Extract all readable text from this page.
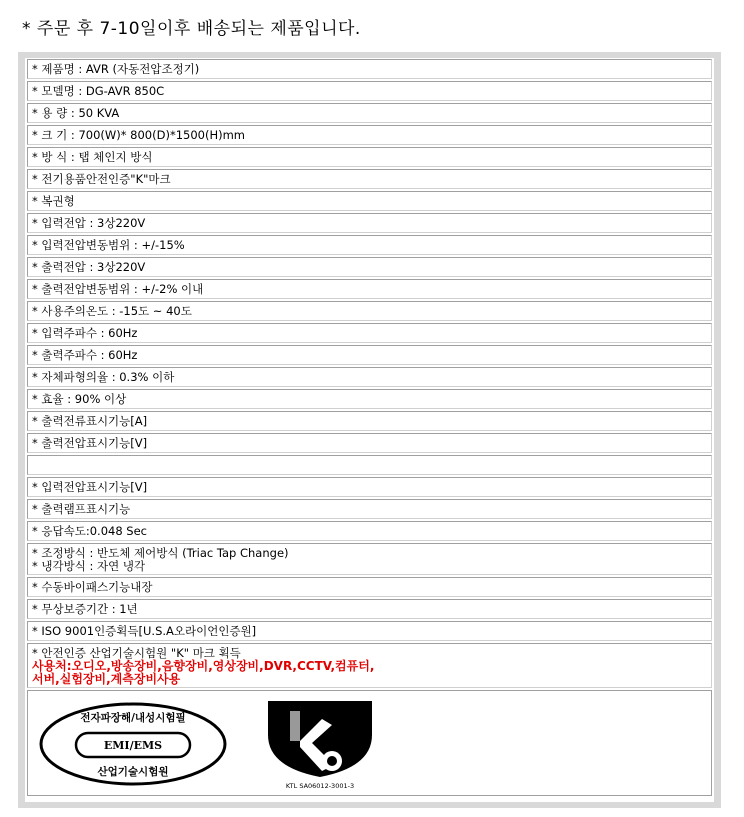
* 주문 후 7-10일이후 배송되는 제품입니다.
* 제품명 : AVR (자동전압조정기)
* 모델명 : DG-AVR 850C
* 용 량 : 50 KVA
* 크 기 : 700(W)* 800(D)*1500(H)mm
* 방 식 : 탭 체인지 방식
* 전기용품안전인증"K"마크
* 복권형
* 입력전압 : 3상220V
* 입력전압변동범위 : +/-15%
* 출력전압 : 3상220V
* 출력전압변동범위 : +/-2% 이내
* 사용주의온도 : -15도 ~ 40도
* 입력주파수 : 60Hz
* 출력주파수 : 60Hz
* 자체파형의율 : 0.3% 이하
* 효율 : 90% 이상
* 출력전류표시기능[A]
* 출력전압표시기능[V]
* 입력전압표시기능[V]
* 출력램프표시기능
* 응답속도:0.048 Sec
* 조정방식 : 반도체 제어방식 (Triac Tap Change)
* 냉각방식 : 자연 냉각
* 수동바이패스기능내장
* 무상보증기간 : 1년
* ISO 9001인증획득[U.S.A오라이언인증원]
* 안전인증 산업기술시험원 "K" 마크 획득
사용처:오디오,방송장비,음향장비,영상장비,DVR,CCTV,컴퓨터,
서버,실험장비,계측장비사용
전자파장해/내성시험필
EMI/EMS
산업기술시험원
KTL SA06012-3001-3
